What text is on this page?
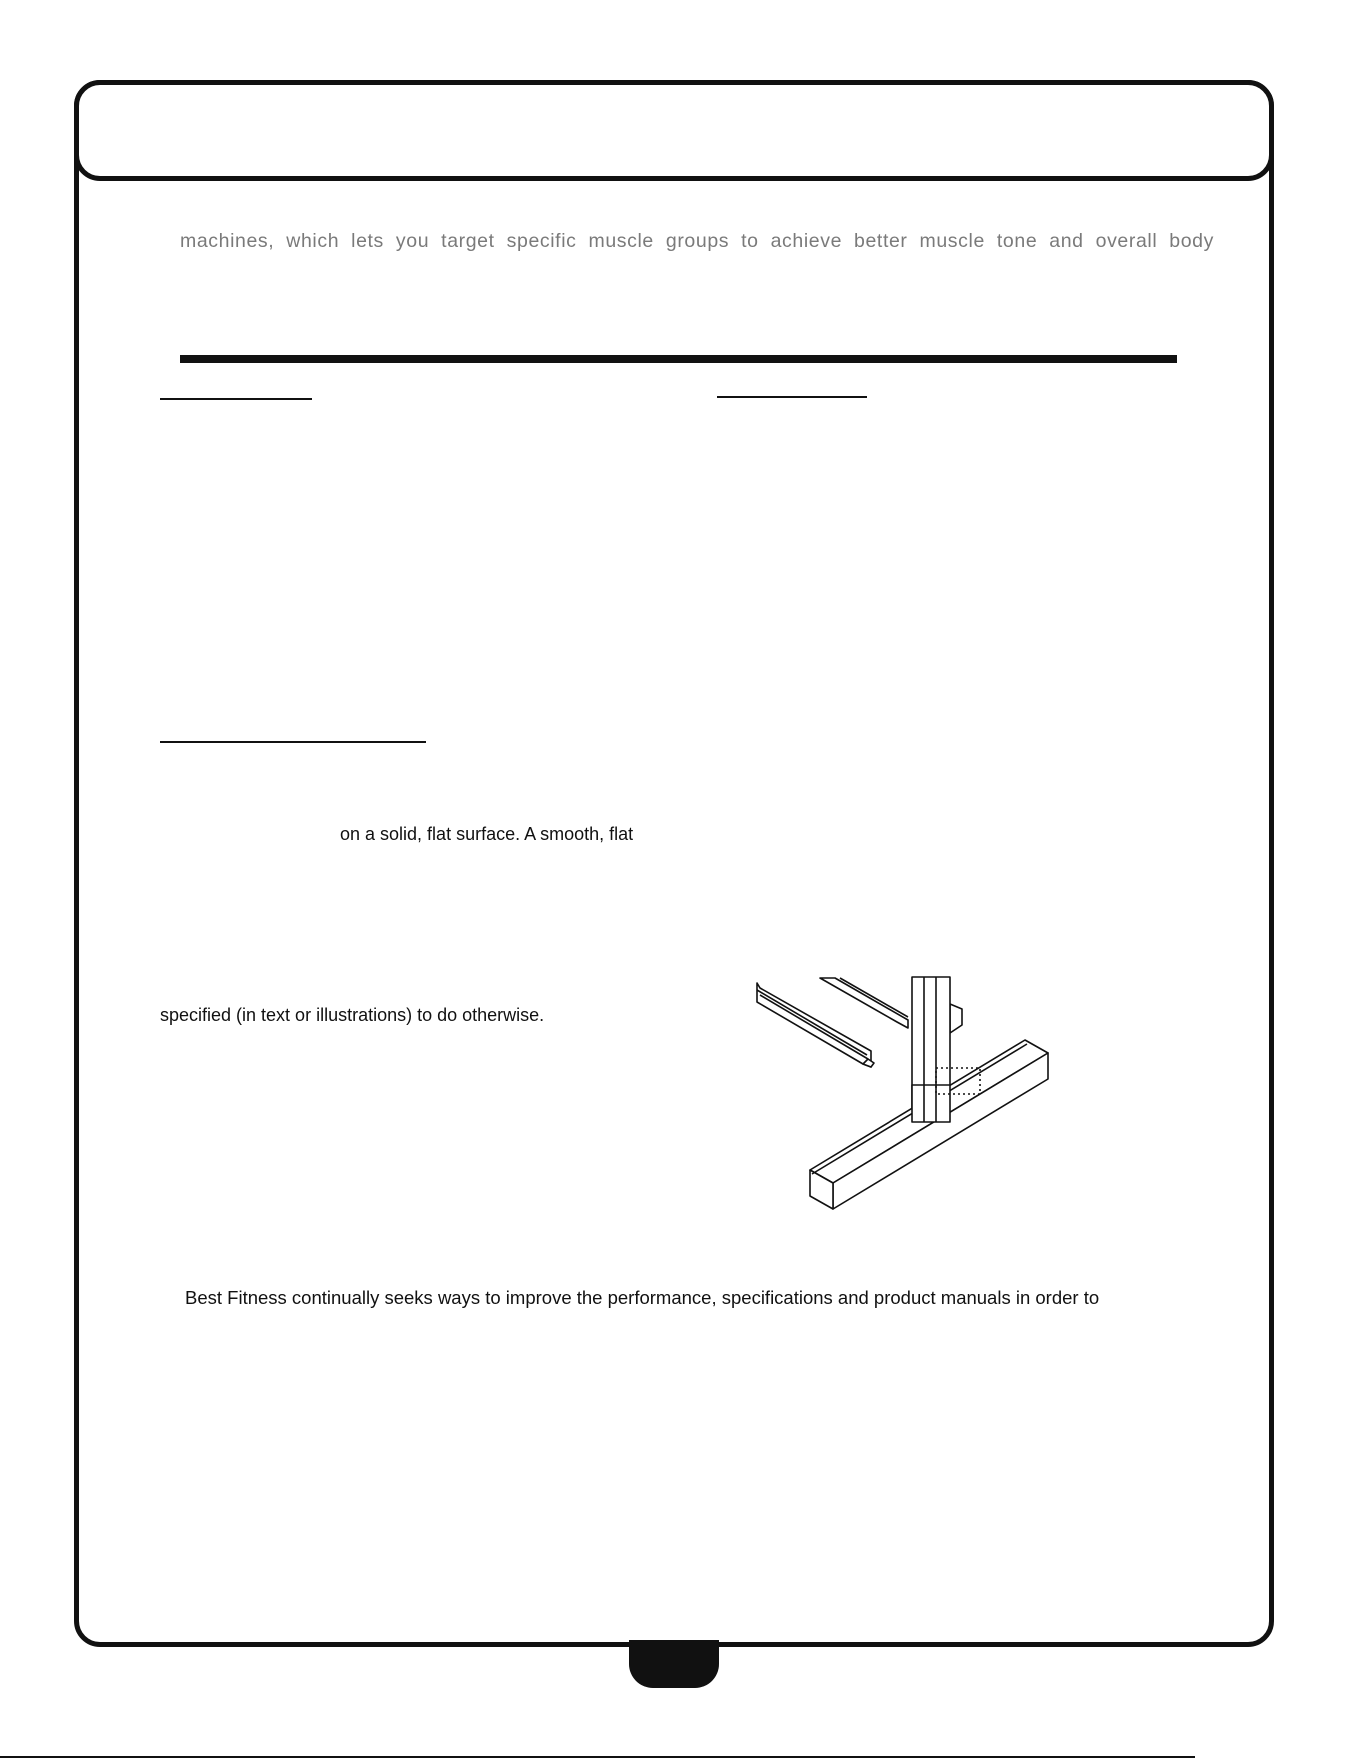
machines, which lets you target specific muscle groups to achieve better muscle tone and overall body
on a solid, flat surface. A smooth, flat
specified (in text or illustrations) to do otherwise.
Best Fitness continually seeks ways to improve the performance, specifications and product manuals in order to
